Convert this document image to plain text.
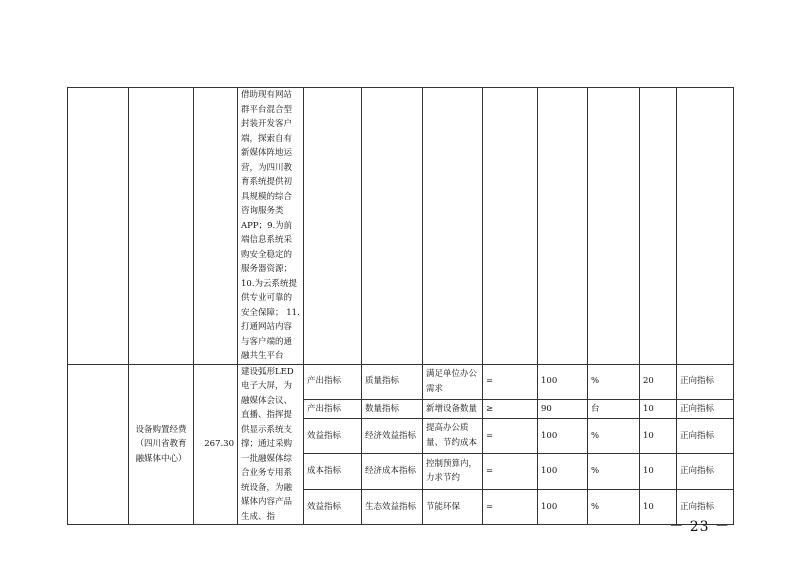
			借助现有网站群平台混合型封装开发客户端，探索自有新媒体阵地运营，为四川教育系统提供初具规模的综合咨询服务类APP；9.为前端信息系统采购安全稳定的服务器资源；10.为云系统提供专业可靠的安全保障； 11.打通网站内容与客户端的通融共生平台								

	设备购置经费（四川省教育融媒体中心）	267.30	建设弧形LED电子大屏，为融媒体会议、直播、指挥提供显示系统支撑；通过采购一批融媒体综合业务专用系统设备，为融媒体内容产品生成、指	产出指标	质量指标	满足单位办公需求	=	100	%	20	正向指标
				产出指标	数量指标	新增设备数量	≥	90	台	10	正向指标
				效益指标	经济效益指标	提高办公质量、节约成本	=	100	%	10	正向指标
				成本指标	经济成本指标	控制预算内，力求节约	=	100	%	10	正向指标
				效益指标	生态效益指标	节能环保	=	100	%	10	正向指标
－ 23 －
